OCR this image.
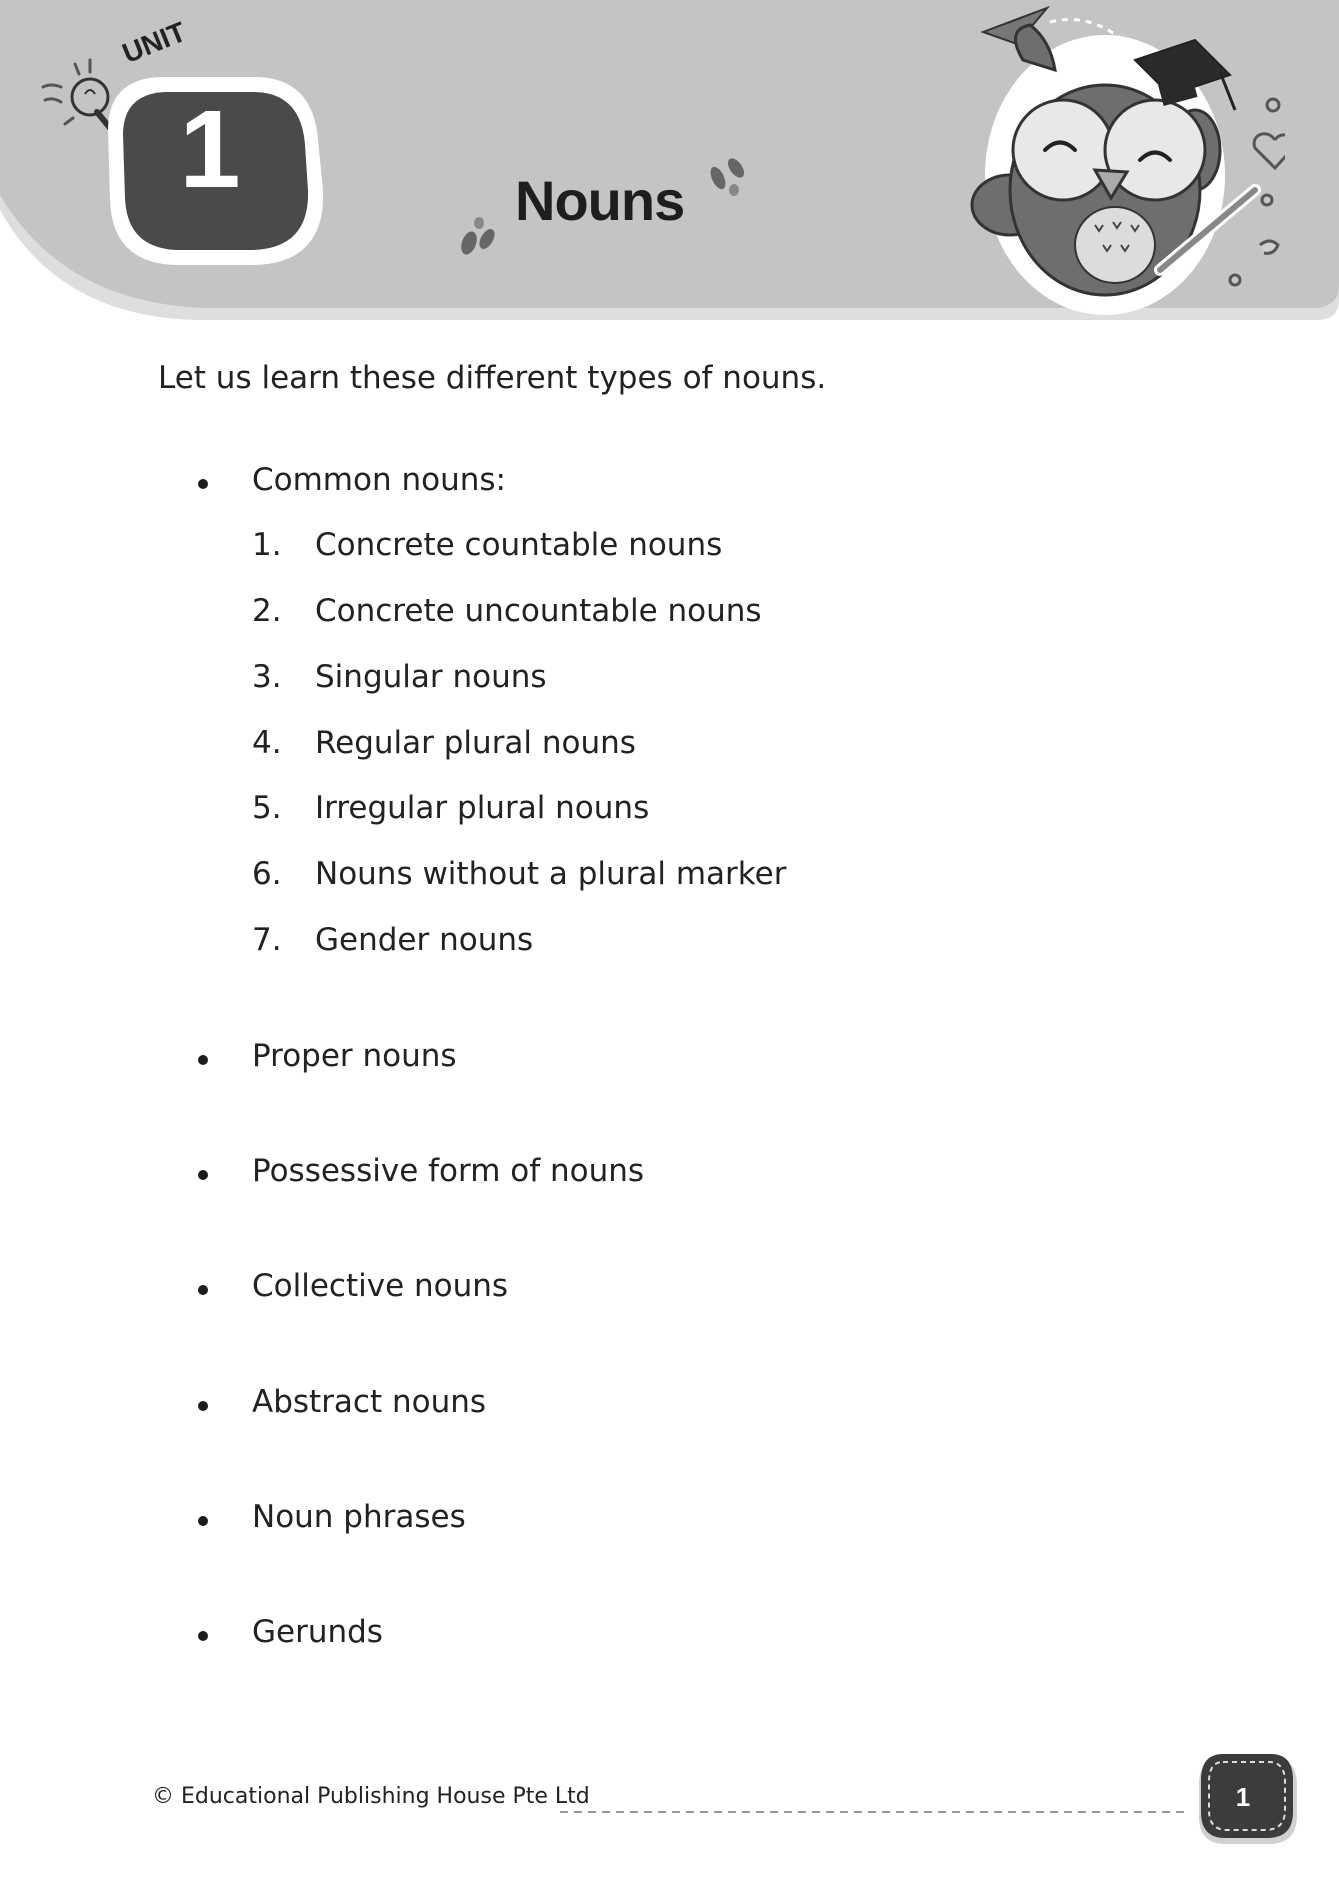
UNIT
1	Nouns
Let us learn these different types of nouns.
Common nouns:
1. Concrete countable nouns
2. Concrete uncountable nouns
3. Singular nouns
4. Regular plural nouns
5. Irregular plural nouns
6. Nouns without a plural marker
7. Gender nouns
Proper nouns
Possessive form of nouns
Collective nouns
Abstract nouns
Noun phrases
Gerunds
© Educational Publishing House Pte Ltd	1
